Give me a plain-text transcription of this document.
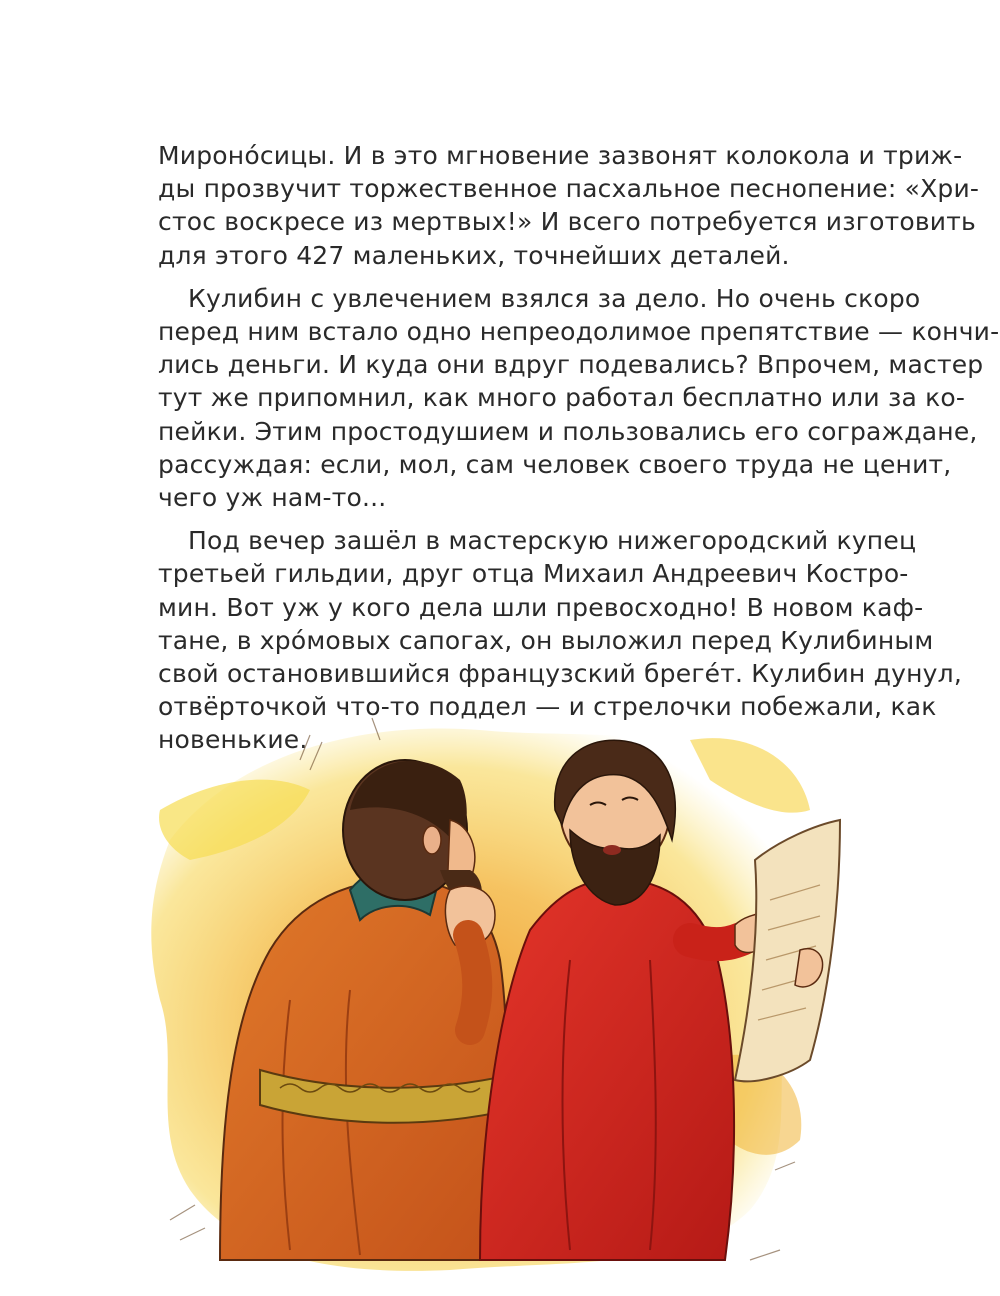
Мироно́сицы. И в это мгновение зазвонят колокола и триж-
ды прозвучит торжественное пасхальное песнопение: «Хри-
стос воскресе из мертвых!» И всего потребуется изготовить
для этого 427 маленьких, точнейших деталей.
Кулибин с увлечением взялся за дело. Но очень скоро
перед ним встало одно непреодолимое препятствие — кончи-
лись деньги. И куда они вдруг подевались? Впрочем, мастер
тут же припомнил, как много работал бесплатно или за ко-
пейки. Этим простодушием и пользовались его сограждане,
рассуждая: если, мол, сам человек своего труда не ценит,
чего уж нам-то...
Под вечер зашёл в мастерскую нижегородский купец
третьей гильдии, друг отца Михаил Андреевич Костро-
мин. Вот уж у кого дела шли превосходно! В новом каф-
тане, в хро́мовых сапогах, он выложил перед Кулибиным
свой остановившийся французский брегéт. Кулибин дунул,
отвёрточкой что-то поддел — и стрелочки побежали, как
новенькие.
